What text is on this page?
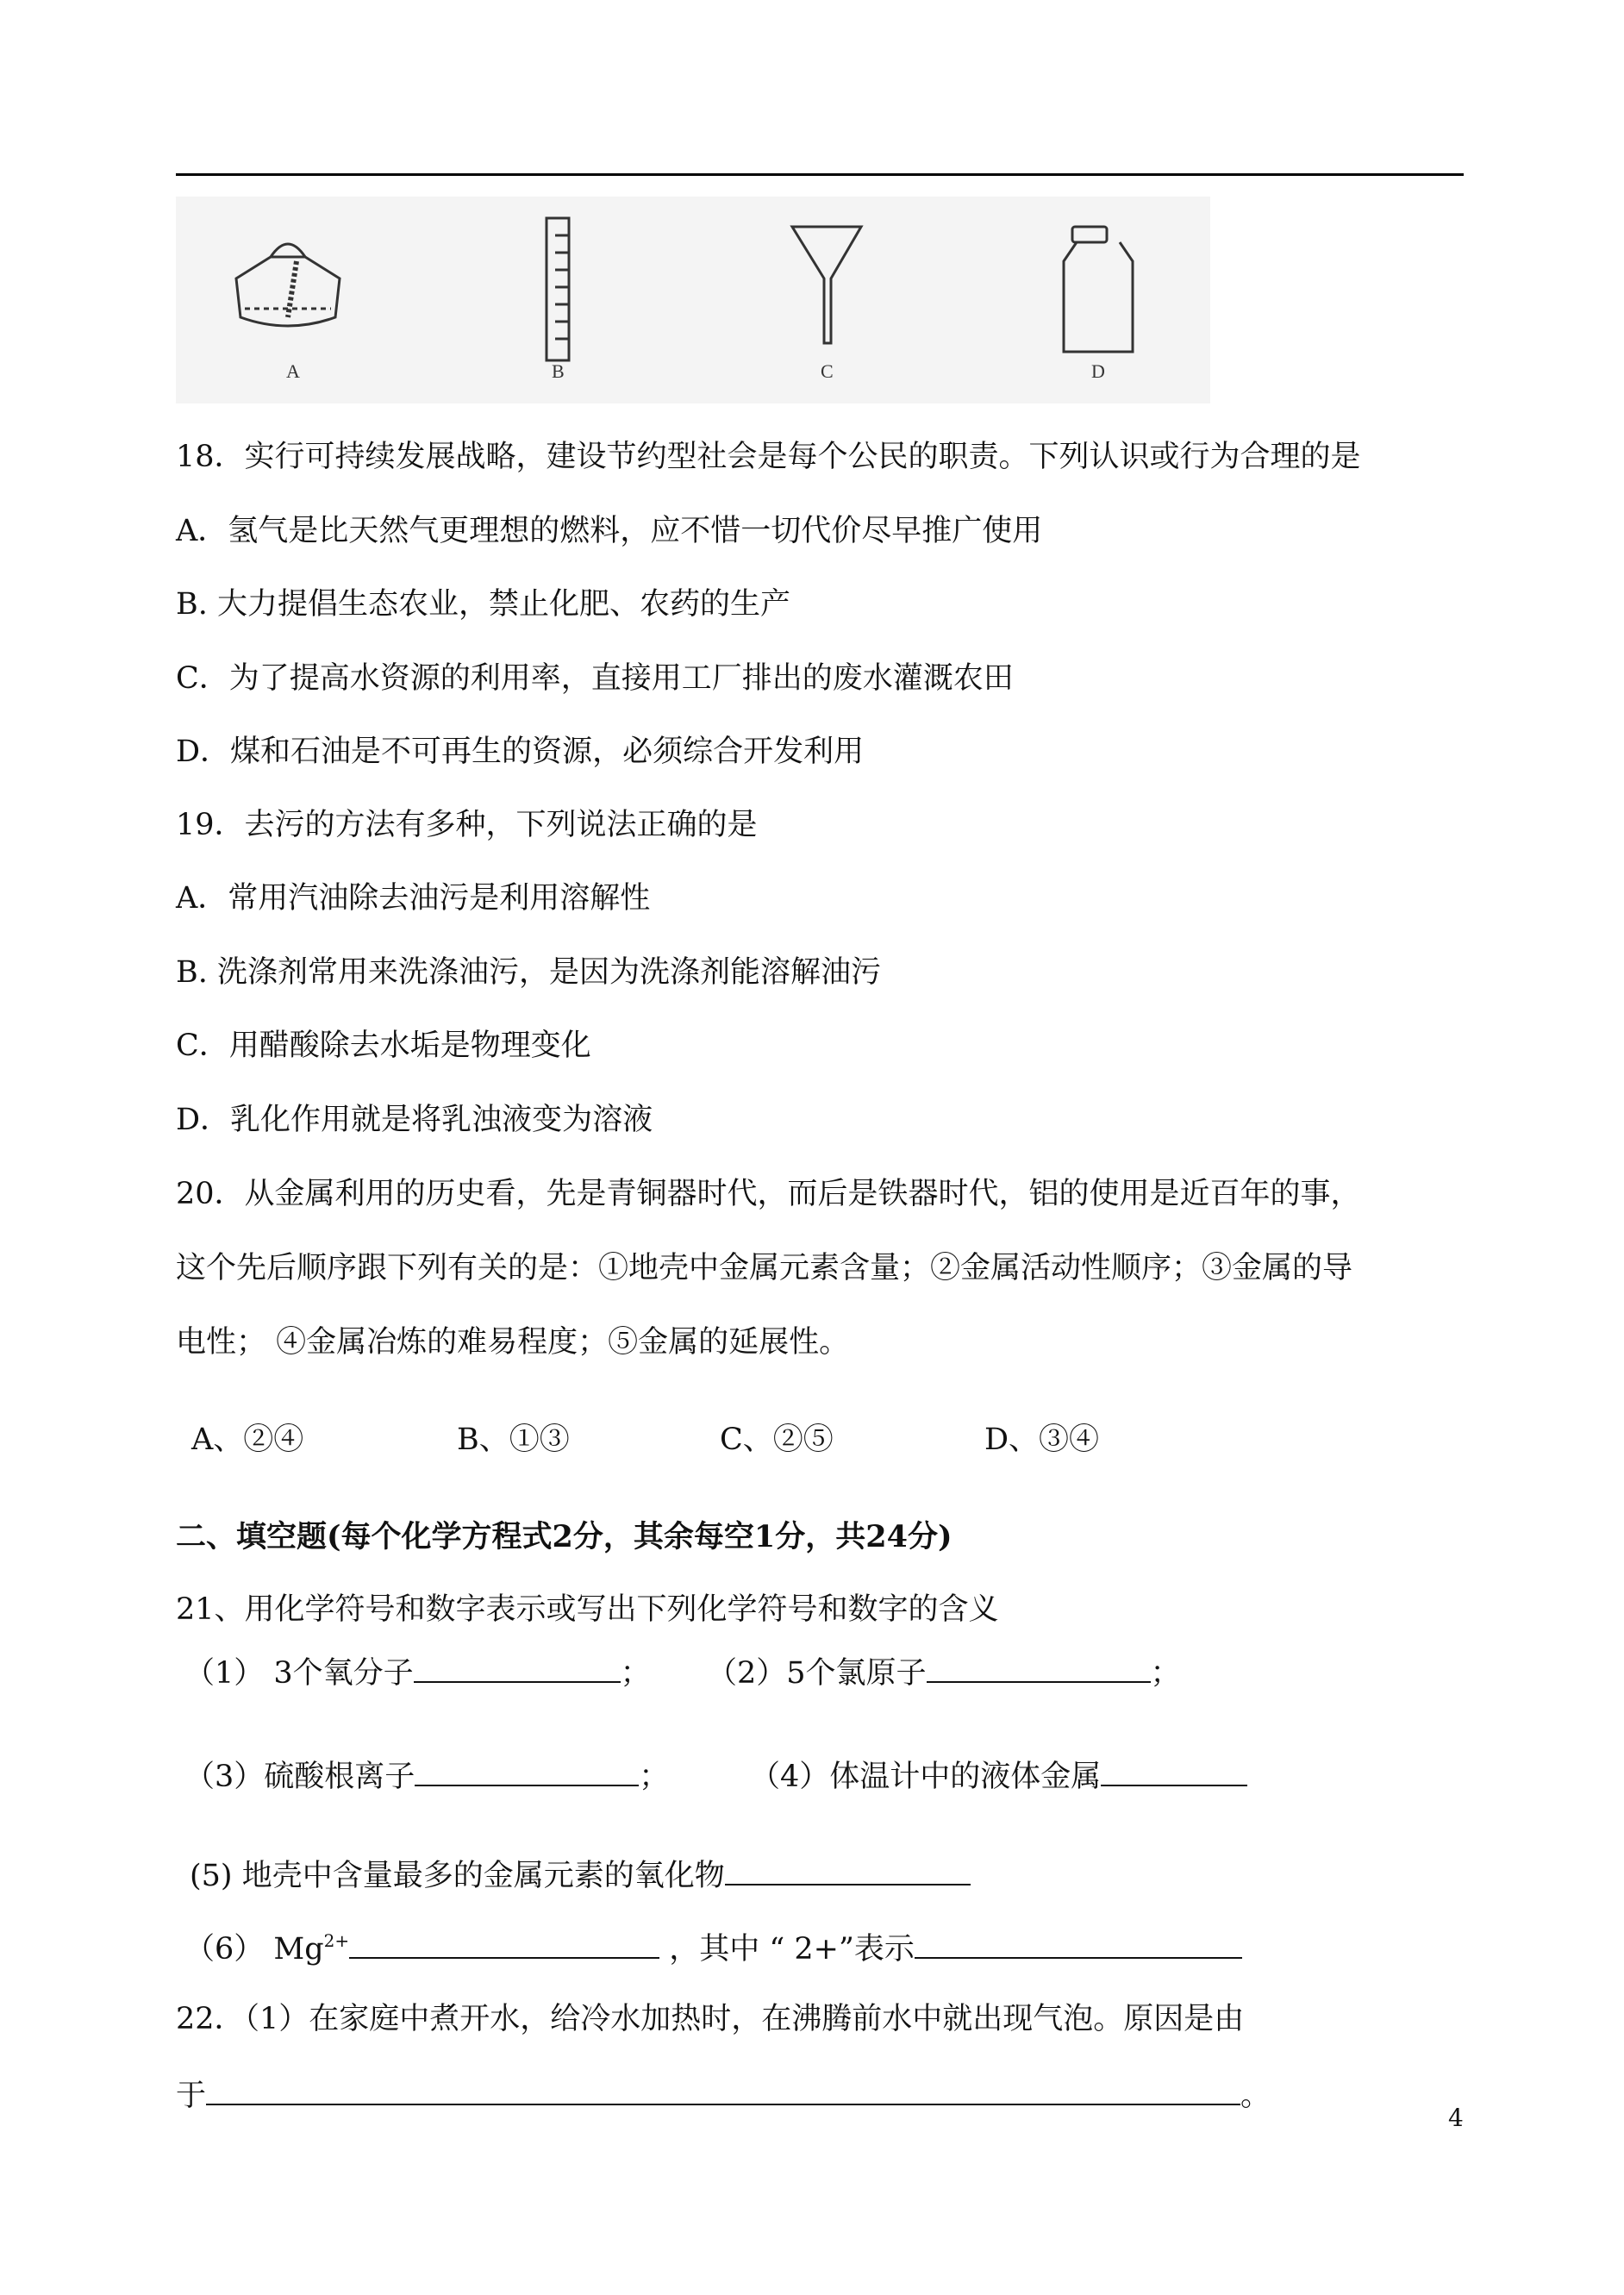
A	B	C	D
18．实行可持续发展战略，建设节约型社会是每个公民的职责。下列认识或行为合理的是
A．氢气是比天然气更理想的燃料，应不惜一切代价尽早推广使用
B. 大力提倡生态农业，禁止化肥、农药的生产
C．为了提高水资源的利用率，直接用工厂排出的废水灌溉农田
D．煤和石油是不可再生的资源，必须综合开发利用
19．去污的方法有多种，下列说法正确的是
A．常用汽油除去油污是利用溶解性
B. 洗涤剂常用来洗涤油污，是因为洗涤剂能溶解油污
C．用醋酸除去水垢是物理变化
D．乳化作用就是将乳浊液变为溶液
20．从金属利用的历史看，先是青铜器时代，而后是铁器时代，铝的使用是近百年的事，
这个先后顺序跟下列有关的是：①地壳中金属元素含量；②金属活动性顺序；③金属的导
电性； ④金属冶炼的难易程度；⑤金属的延展性。
A、②④	B、①③	C、②⑤	D、③④
二、填空题(每个化学方程式2分，其余每空1分，共24分)
21、用化学符号和数字表示或写出下列化学符号和数字的含义
（1） 3个氧分子	； （2）5个氯原子	；
（3）硫酸根离子	；	（4）体温计中的液体金属
(5) 地壳中含量最多的金属元素的氧化物
（6） $Mg^{2+}$	，其中 “ 2+”表示
22．（1）在家庭中煮开水，给冷水加热时，在沸腾前水中就出现气泡。原因是由
于	。
4
